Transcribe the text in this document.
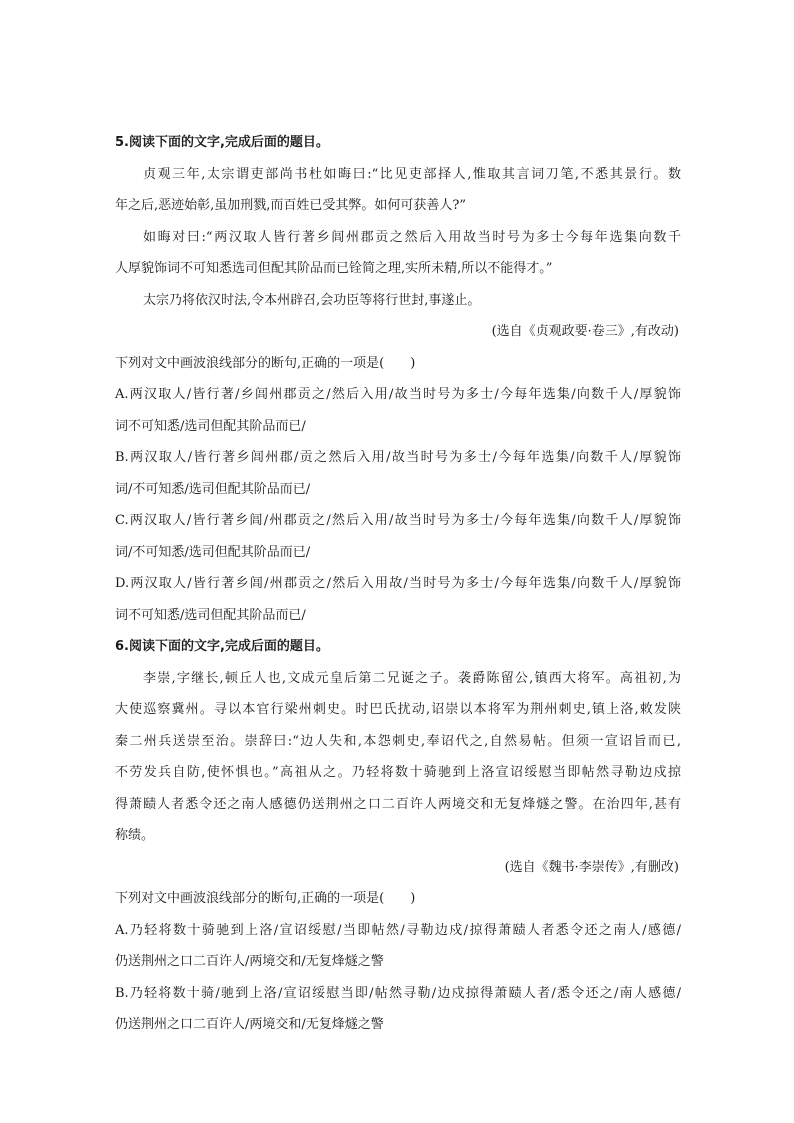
5.阅读下面的文字,完成后面的题目。
贞观三年,太宗谓吏部尚书杜如晦曰:“比见吏部择人,惟取其言词刀笔,不悉其景行。数
年之后,恶迹始彰,虽加刑戮,而百姓已受其弊。如何可获善人?”
如晦对曰:“两汉取人皆行著乡闾州郡贡之然后入用故当时号为多士今每年选集向数千
人厚貌饰词不可知悉选司但配其阶品而已铨简之理,实所未精,所以不能得才。”
太宗乃将依汉时法,令本州辟召,会功臣等将行世封,事遂止。
(选自《贞观政要·卷三》,有改动)
下列对文中画波浪线部分的断句,正确的一项是(　　)
A.两汉取人/皆行著/乡闾州郡贡之/然后入用/故当时号为多士/今每年选集/向数千人/厚貌饰
词不可知悉/选司但配其阶品而已/
B.两汉取人/皆行著乡闾州郡/贡之然后入用/故当时号为多士/今每年选集/向数千人/厚貌饰
词/不可知悉/选司但配其阶品而已/
C.两汉取人/皆行著乡闾/州郡贡之/然后入用/故当时号为多士/今每年选集/向数千人/厚貌饰
词/不可知悉/选司但配其阶品而已/
D.两汉取人/皆行著乡闾/州郡贡之/然后入用故/当时号为多士/今每年选集/向数千人/厚貌饰
词不可知悉/选司但配其阶品而已/
6.阅读下面的文字,完成后面的题目。
李崇,字继长,顿丘人也,文成元皇后第二兄诞之子。袭爵陈留公,镇西大将军。高祖初,为
大使巡察冀州。寻以本官行梁州刺史。时巴氏扰动,诏崇以本将军为荆州刺史,镇上洛,敕发陕
秦二州兵送崇至治。崇辞曰:“边人失和,本怨刺史,奉诏代之,自然易帖。但须一宣诏旨而已,
不劳发兵自防,使怀惧也。”高祖从之。乃轻将数十骑驰到上洛宣诏绥慰当即帖然寻勒边戍掠
得萧赜人者悉令还之南人感德仍送荆州之口二百许人两境交和无复烽燧之警。在治四年,甚有
称绩。
(选自《魏书·李崇传》,有删改)
下列对文中画波浪线部分的断句,正确的一项是(　　)
A.乃轻将数十骑驰到上洛/宣诏绥慰/当即帖然/寻勒边戍/掠得萧赜人者悉令还之南人/感德/
仍送荆州之口二百许人/两境交和/无复烽燧之警
B.乃轻将数十骑/驰到上洛/宣诏绥慰当即/帖然寻勒/边戍掠得萧赜人者/悉令还之/南人感德/
仍送荆州之口二百许人/两境交和/无复烽燧之警
